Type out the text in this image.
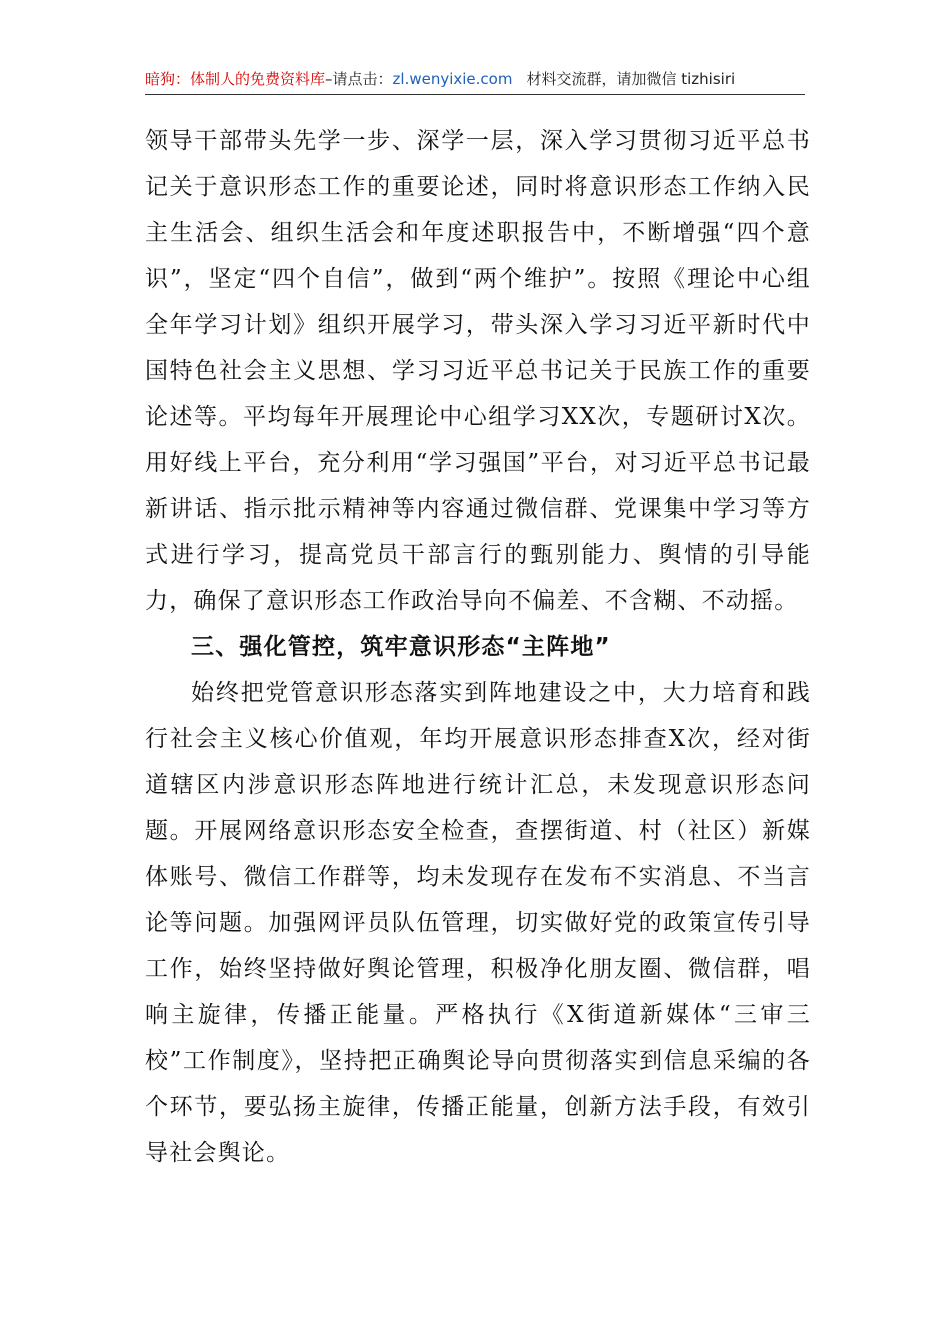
暗狗：体制人的免费资料库–请点击：zl.wenyixie.com 材料交流群，请加微信 tizhisiri

领导干部带头先学一步、深学一层，深入学习贯彻习近平总书记关于意识形态工作的重要论述，同时将意识形态工作纳入民主生活会、组织生活会和年度述职报告中，不断增强“四个意识”，坚定“四个自信”，做到“两个维护”。按照《理论中心组全年学习计划》组织开展学习，带头深入学习习近平新时代中国特色社会主义思想、学习习近平总书记关于民族工作的重要论述等。平均每年开展理论中心组学习XX次，专题研讨X次。用好线上平台，充分利用“学习强国”平台，对习近平总书记最新讲话、指示批示精神等内容通过微信群、党课集中学习等方式进行学习，提高党员干部言行的甄别能力、舆情的引导能力，确保了意识形态工作政治导向不偏差、不含糊、不动摇。

三、强化管控，筑牢意识形态“主阵地”

始终把党管意识形态落实到阵地建设之中，大力培育和践行社会主义核心价值观，年均开展意识形态排查X次，经对街道辖区内涉意识形态阵地进行统计汇总，未发现意识形态问题。开展网络意识形态安全检查，查摆街道、村（社区）新媒体账号、微信工作群等，均未发现存在发布不实消息、不当言论等问题。加强网评员队伍管理，切实做好党的政策宣传引导工作，始终坚持做好舆论管理，积极净化朋友圈、微信群，唱响主旋律，传播正能量。严格执行《X街道新媒体“三审三校”工作制度》，坚持把正确舆论导向贯彻落实到信息采编的各个环节，要弘扬主旋律，传播正能量，创新方法手段，有效引导社会舆论。
